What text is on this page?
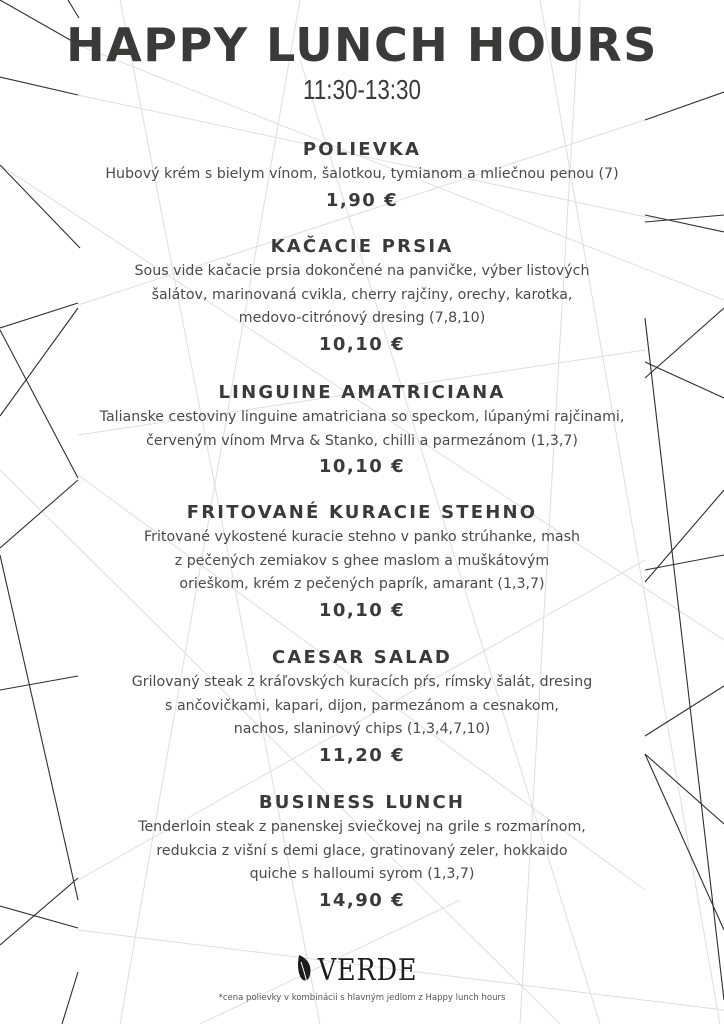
HAPPY LUNCH HOURS
11:30-13:30
POLIEVKA
Hubový krém s bielym vínom, šalotkou, tymianom a mliečnou penou (7)
1,90 €
KAČACIE PRSIA
Sous vide kačacie prsia dokončené na panvičke, výber listových
šalátov, marinovaná cvikla, cherry rajčiny, orechy, karotka,
medovo-citrónový dresing (7,8,10)
10,10 €
LINGUINE AMATRICIANA
Talianske cestoviny linguine amatriciana so speckom, lúpanými rajčinami,
červeným vínom Mrva & Stanko, chilli a parmezánom (1,3,7)
10,10 €
FRITOVANÉ KURACIE STEHNO
Fritované vykostené kuracie stehno v panko strúhanke, mash
z pečených zemiakov s ghee maslom a muškátovým
orieškom, krém z pečených paprík, amarant (1,3,7)
10,10 €
CAESAR SALAD
Grilovaný steak z kráľovských kuracích pŕs, rímsky šalát, dresing
s ančovičkami, kapari, dijon, parmezánom a cesnakom,
nachos, slaninový chips (1,3,4,7,10)
11,20 €
BUSINESS LUNCH
Tenderloin steak z panenskej sviečkovej na grile s rozmarínom,
redukcia z višní s demi glace, gratinovaný zeler, hokkaido
quiche s halloumi syrom (1,3,7)
14,90 €
VERDE
*cena polievky v kombinácii s hlavným jedlom z Happy lunch hours
